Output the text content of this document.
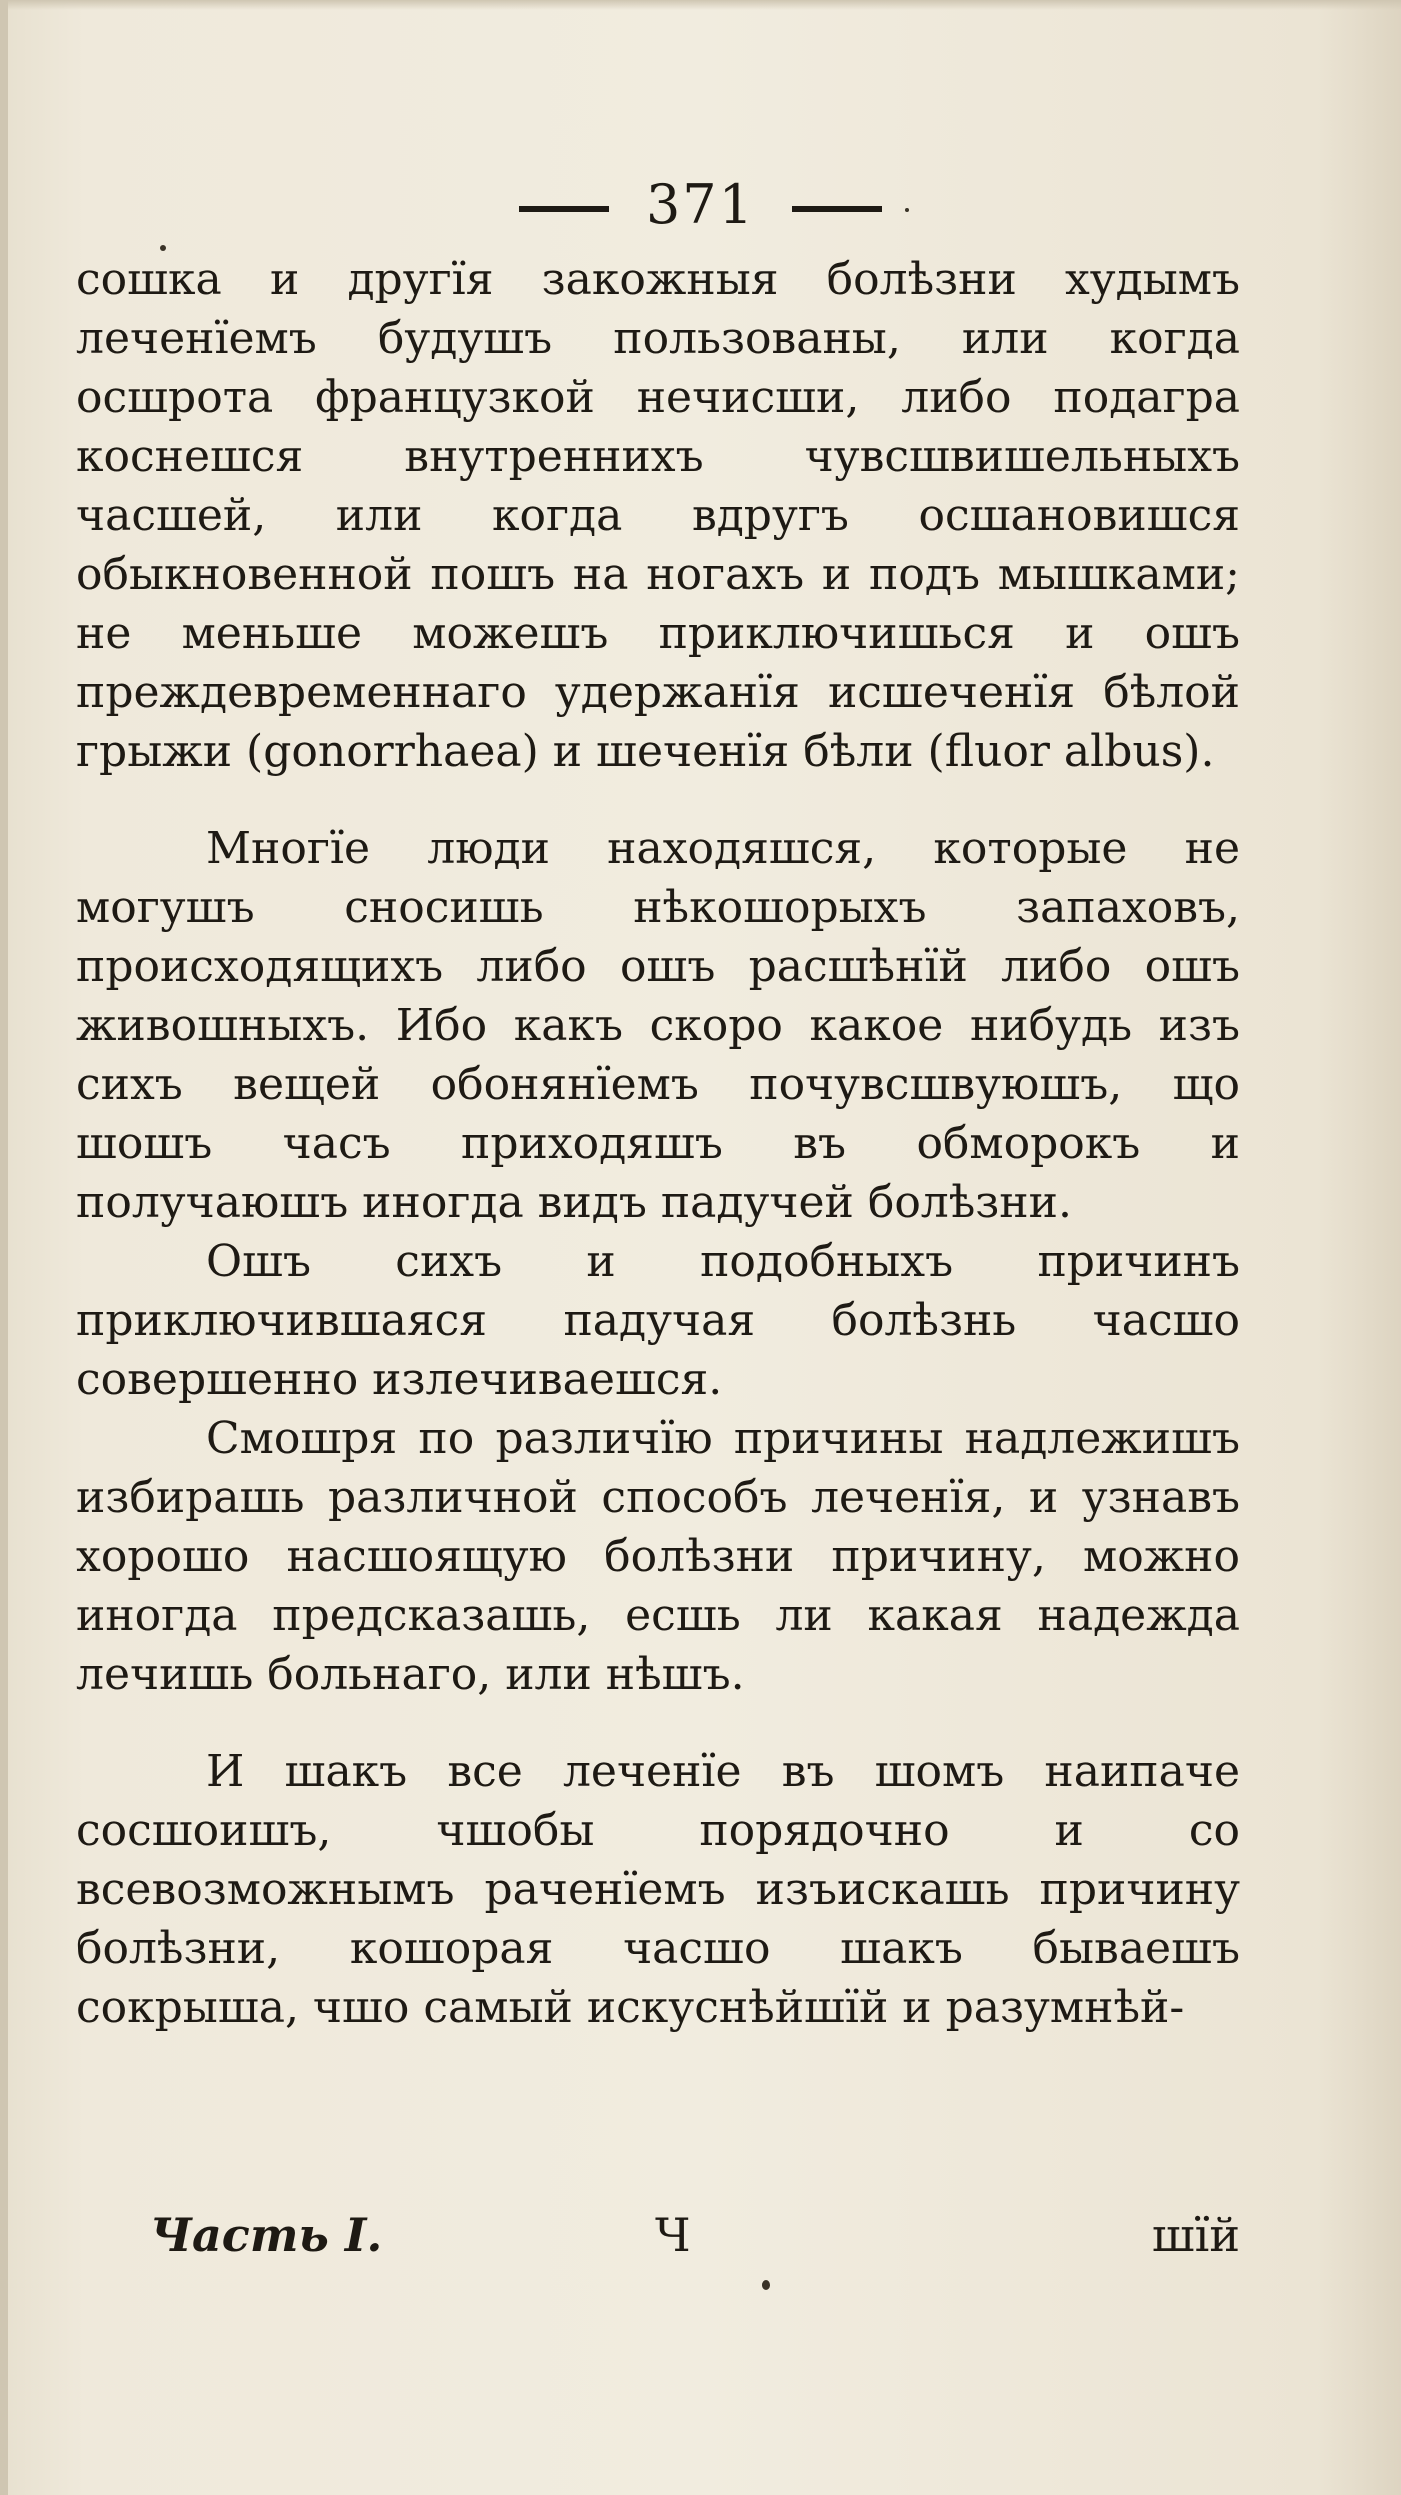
371

сошка и другїя закожныя болѣзни худымъ леченїемъ будушъ пользованы, или когда осшрота французкой нечисши, либо подагра коснешся внутреннихъ чувсшвишельныхъ часшей, или когда вдругъ осшановишся обыкновенной пошъ на ногахъ и подъ мышками; не меньше можешъ приключишься и ошъ преждевременнаго удержанїя исшеченїя бѣлой грыжи (gonorrhaea) и шеченїя бѣли (fluor albus).

Многїе люди находяшся, которые не могушъ сносишь нѣкошорыхъ запаховъ, происходящихъ либо ошъ расшѣнїй либо ошъ живошныхъ. Ибо какъ скоро какое нибудь изъ сихъ вещей обонянїемъ почувсшвуюшъ, що шошъ часъ приходяшъ въ обморокъ и получаюшъ иногда видъ падучей болѣзни.

Ошъ сихъ и подобныхъ причинъ приключившаяся падучая болѣзнь часшо совершенно излечиваешся.

Смошря по различїю причины надлежишъ избирашь различной способъ леченїя, и узнавъ хорошо насшоящую болѣзни причину, можно иногда предсказашь, есшь ли какая надежда лечишь больнаго, или нѣшъ.

И шакъ все леченїе въ шомъ наипаче сосшоишъ, чшобы порядочно и со всевозможнымъ раченїемъ изъискашь причину болѣзни, кошорая часшо шакъ бываешъ сокрыша, чшо самый искуснѣйшїй и разумнѣй-

Часть I.	Ч	шїй
